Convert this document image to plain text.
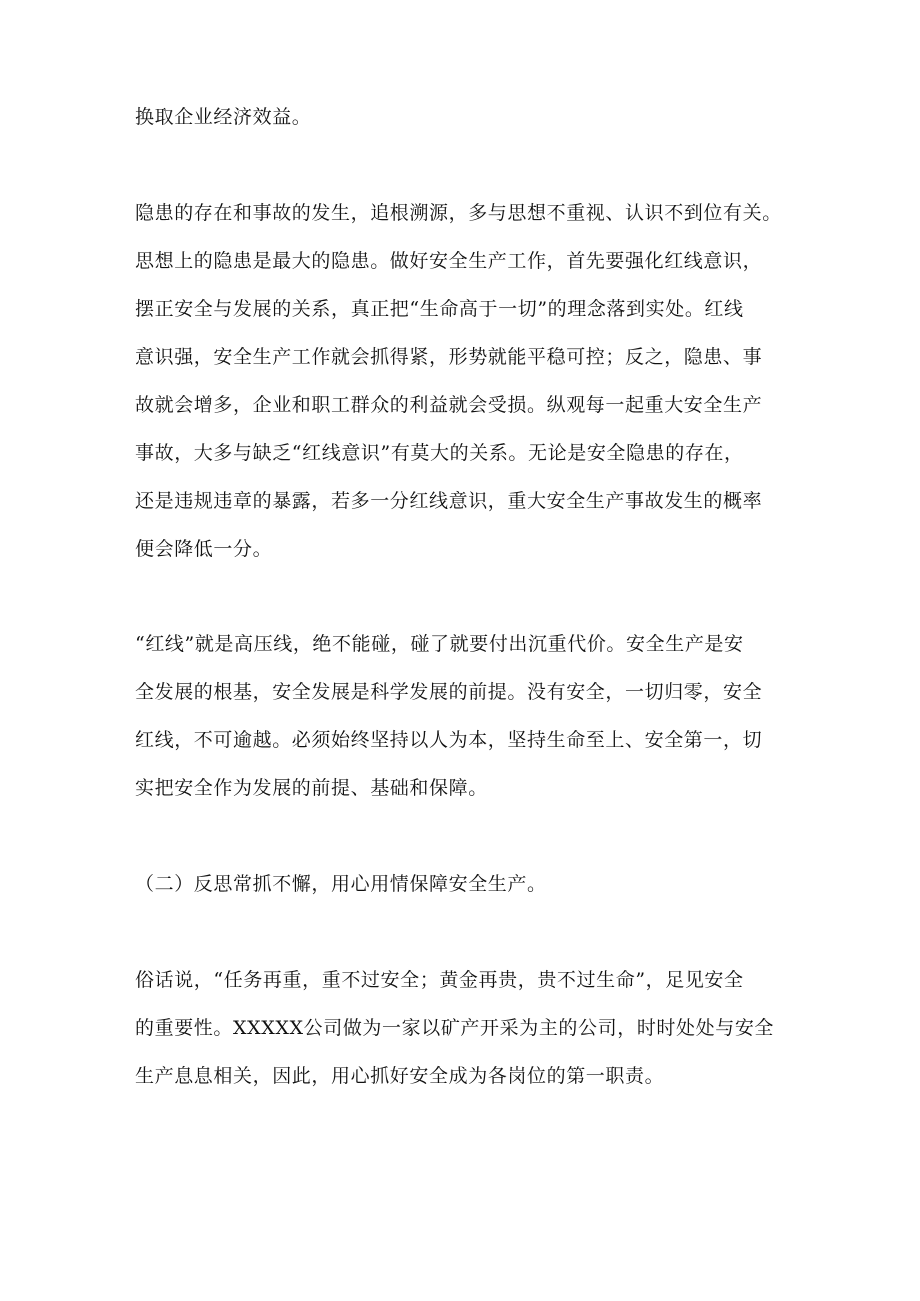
换取企业经济效益。

隐患的存在和事故的发生，追根溯源，多与思想不重视、认识不到位有关。

思想上的隐患是最大的隐患。做好安全生产工作，首先要强化红线意识，

摆正安全与发展的关系，真正把“生命高于一切”的理念落到实处。红线

意识强，安全生产工作就会抓得紧，形势就能平稳可控；反之，隐患、事

故就会增多，企业和职工群众的利益就会受损。纵观每一起重大安全生产

事故，大多与缺乏“红线意识”有莫大的关系。无论是安全隐患的存在，

还是违规违章的暴露，若多一分红线意识，重大安全生产事故发生的概率

便会降低一分。

“红线”就是高压线，绝不能碰，碰了就要付出沉重代价。安全生产是安

全发展的根基，安全发展是科学发展的前提。没有安全，一切归零，安全

红线，不可逾越。必须始终坚持以人为本，坚持生命至上、安全第一，切

实把安全作为发展的前提、基础和保障。

（二）反思常抓不懈，用心用情保障安全生产。

俗话说，“任务再重，重不过安全；黄金再贵，贵不过生命”，足见安全

的重要性。XXXXX公司做为一家以矿产开采为主的公司，时时处处与安全

生产息息相关，因此，用心抓好安全成为各岗位的第一职责。
